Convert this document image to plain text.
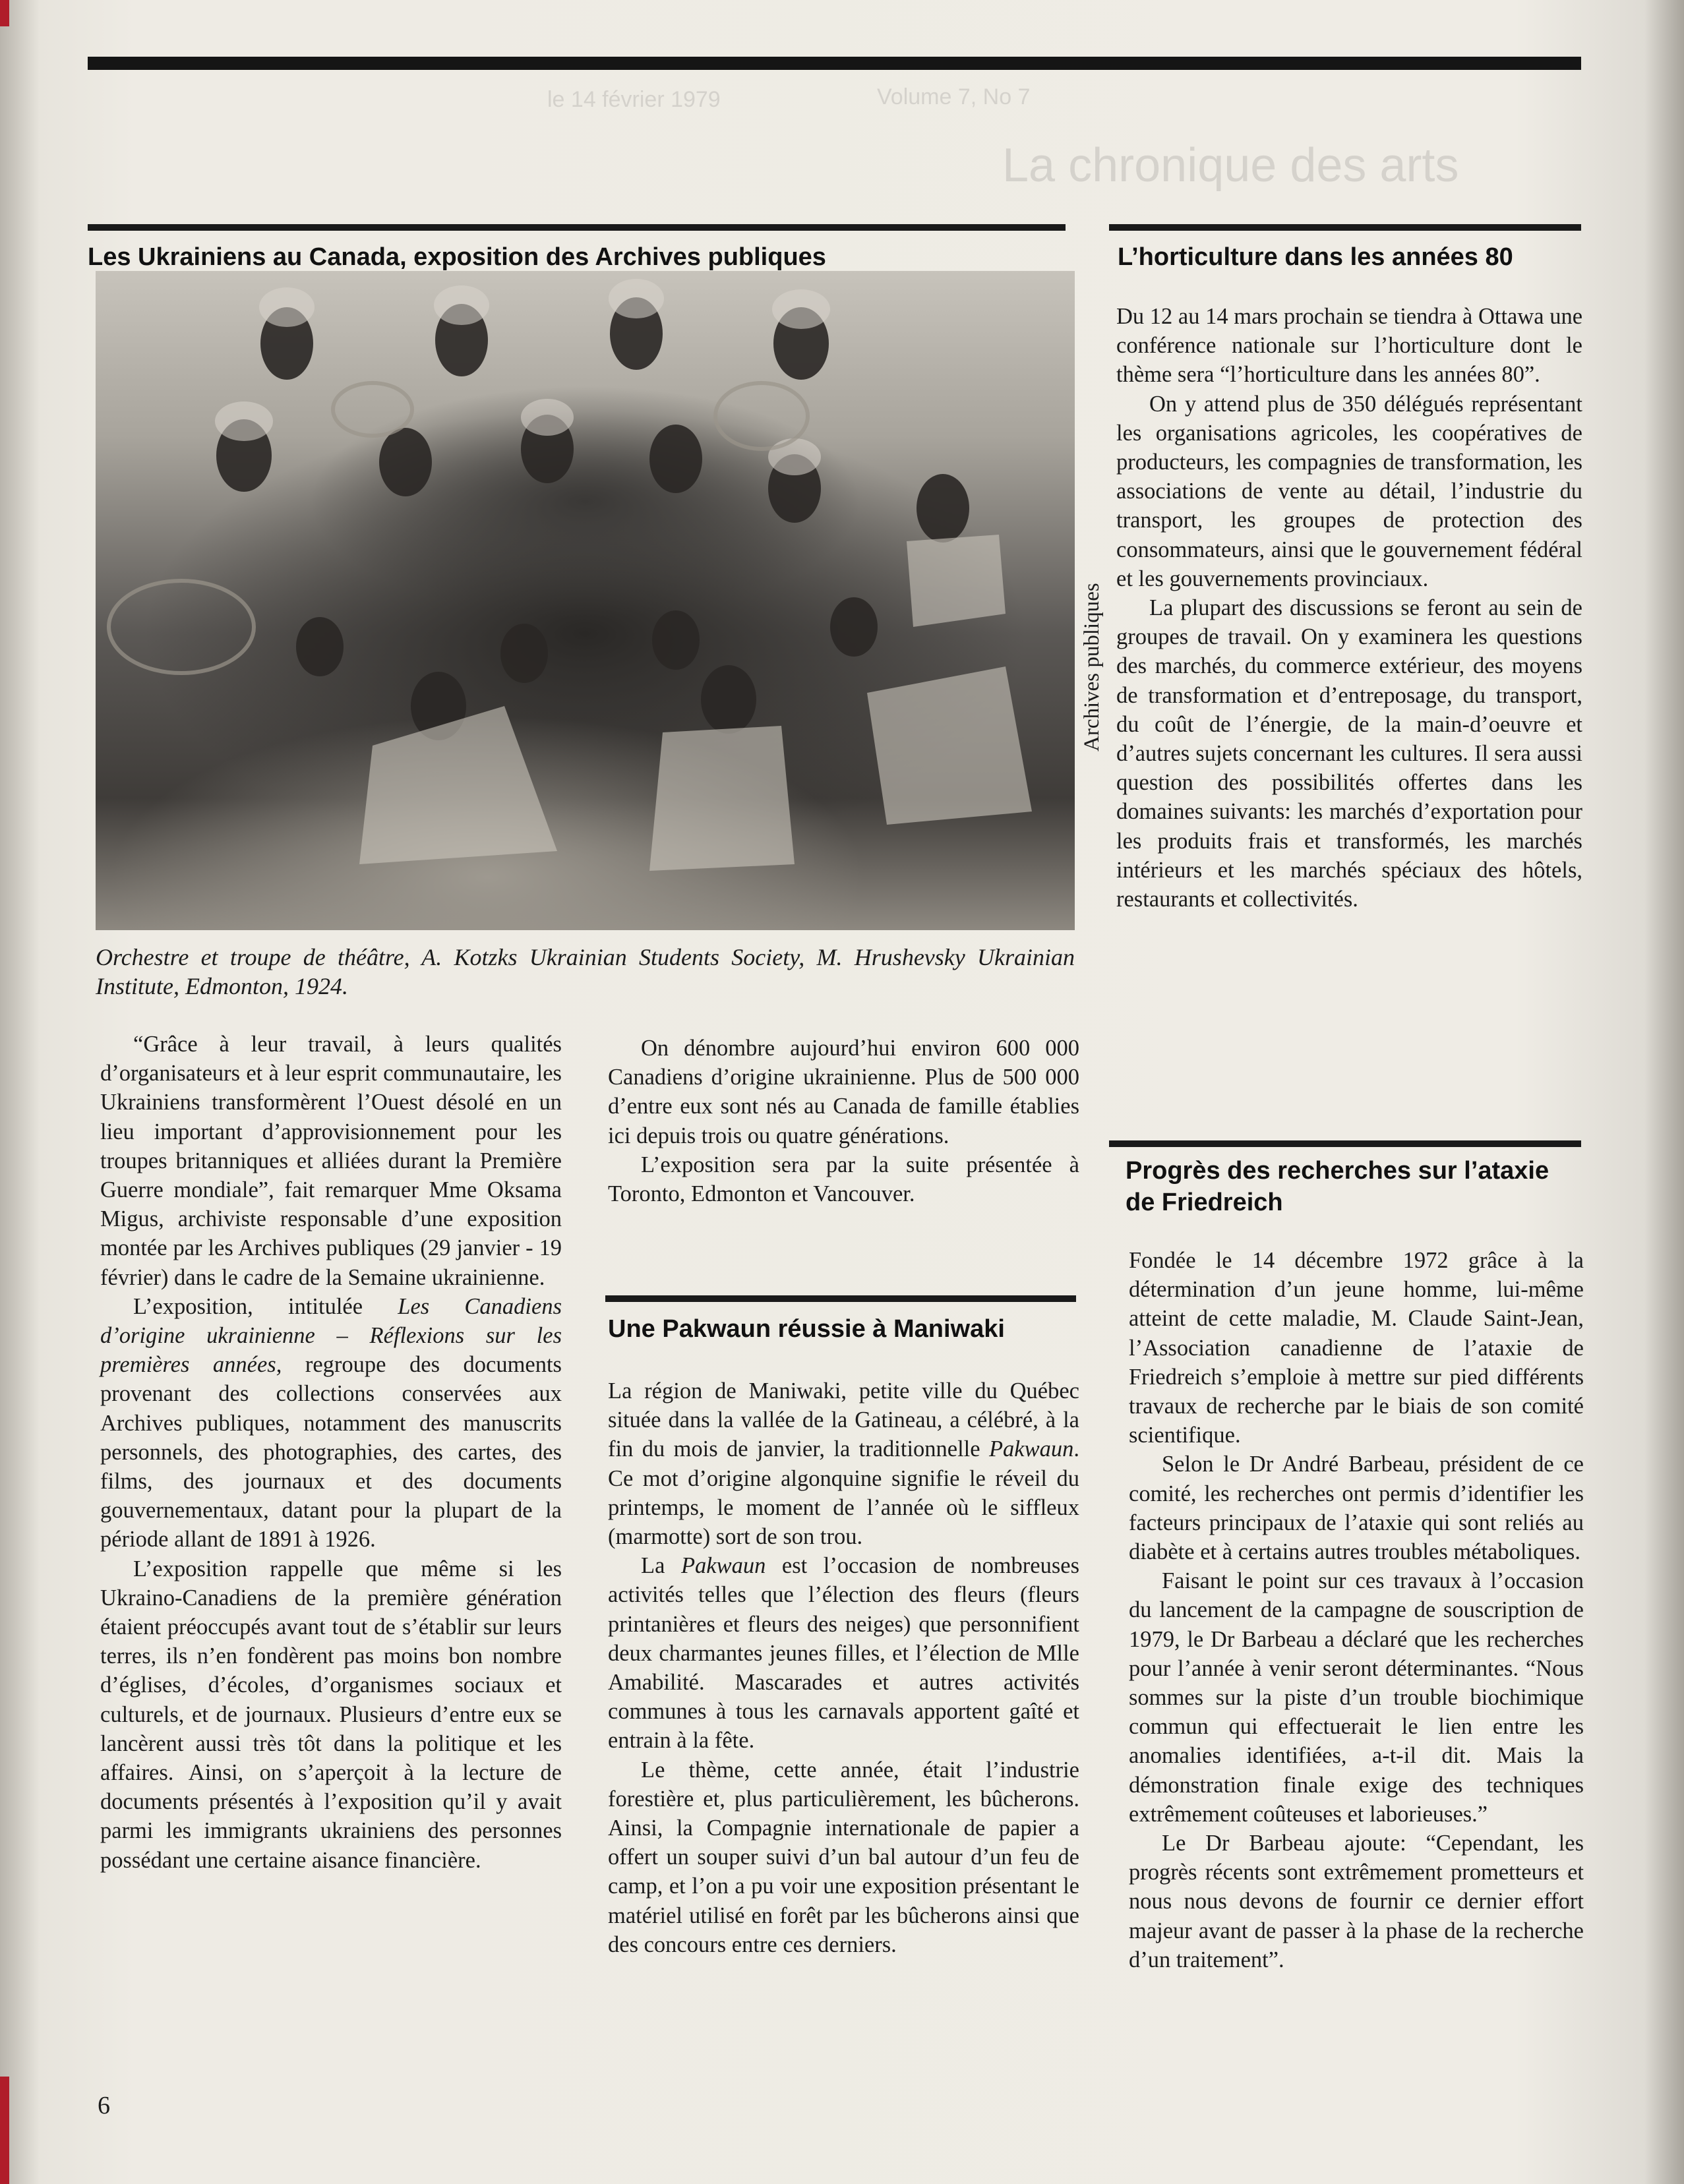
Volume 7, No 7
le 14 février 1979
La chronique des arts
Les Ukrainiens au Canada, exposition des Archives publiques
Archives publiques
Orchestre et troupe de théâtre, A. Kotzks Ukrainian Students Society, M. Hrushevsky Ukrainian Institute, Edmonton, 1924.

“Grâce à leur travail, à leurs qualités d’organisateurs et à leur esprit communautaire, les Ukrainiens transformèrent l’Ouest désolé en un lieu important d’approvisionnement pour les troupes britanniques et alliées durant la Première Guerre mondiale”, fait remarquer Mme Oksama Migus, archiviste responsable d’une exposition montée par les Archives publiques (29 janvier - 19 février) dans le cadre de la Semaine ukrainienne.

L’exposition, intitulée Les Canadiens d’origine ukrainienne – Réflexions sur les premières années, regroupe des documents provenant des collections conservées aux Archives publiques, notamment des manuscrits personnels, des photographies, des cartes, des films, des journaux et des documents gouvernementaux, datant pour la plupart de la période allant de 1891 à 1926.

L’exposition rappelle que même si les Ukraino-Canadiens de la première génération étaient préoccupés avant tout de s’établir sur leurs terres, ils n’en fondèrent pas moins bon nombre d’églises, d’écoles, d’organismes sociaux et culturels, et de journaux. Plusieurs d’entre eux se lancèrent aussi très tôt dans la politique et les affaires. Ainsi, on s’aperçoit à la lecture de documents présentés à l’exposition qu’il y avait parmi les immigrants ukrainiens des personnes possédant une certaine aisance financière.

On dénombre aujourd’hui environ 600 000 Canadiens d’origine ukrainienne. Plus de 500 000 d’entre eux sont nés au Canada de famille établies ici depuis trois ou quatre générations.

L’exposition sera par la suite présentée à Toronto, Edmonton et Vancouver.

Une Pakwaun réussie à Maniwaki

La région de Maniwaki, petite ville du Québec située dans la vallée de la Gatineau, a célébré, à la fin du mois de janvier, la traditionnelle Pakwaun. Ce mot d’origine algonquine signifie le réveil du printemps, le moment de l’année où le siffleux (marmotte) sort de son trou.

La Pakwaun est l’occasion de nombreuses activités telles que l’élection des fleurs (fleurs printanières et fleurs des neiges) que personnifient deux charmantes jeunes filles, et l’élection de Mlle Amabilité. Mascarades et autres activités communes à tous les carnavals apportent gaîté et entrain à la fête.

Le thème, cette année, était l’industrie forestière et, plus particulièrement, les bûcherons. Ainsi, la Compagnie internationale de papier a offert un souper suivi d’un bal autour d’un feu de camp, et l’on a pu voir une exposition présentant le matériel utilisé en forêt par les bûcherons ainsi que des concours entre ces derniers.

L’horticulture dans les années 80

Du 12 au 14 mars prochain se tiendra à Ottawa une conférence nationale sur l’horticulture dont le thème sera “l’horticulture dans les années 80”.

On y attend plus de 350 délégués représentant les organisations agricoles, les coopératives de producteurs, les compagnies de transformation, les associations de vente au détail, l’industrie du transport, les groupes de protection des consommateurs, ainsi que le gouvernement fédéral et les gouvernements provinciaux.

La plupart des discussions se feront au sein de groupes de travail. On y examinera les questions des marchés, du commerce extérieur, des moyens de transformation et d’entreposage, du transport, du coût de l’énergie, de la main-d’oeuvre et d’autres sujets concernant les cultures. Il sera aussi question des possibilités offertes dans les domaines suivants: les marchés d’exportation pour les produits frais et transformés, les marchés intérieurs et les marchés spéciaux des hôtels, restaurants et collectivités.

Progrès des recherches sur l’ataxie de Friedreich

Fondée le 14 décembre 1972 grâce à la détermination d’un jeune homme, lui-même atteint de cette maladie, M. Claude Saint-Jean, l’Association canadienne de l’ataxie de Friedreich s’emploie à mettre sur pied différents travaux de recherche par le biais de son comité scientifique.

Selon le Dr André Barbeau, président de ce comité, les recherches ont permis d’identifier les facteurs principaux de l’ataxie qui sont reliés au diabète et à certains autres troubles métaboliques.

Faisant le point sur ces travaux à l’occasion du lancement de la campagne de souscription de 1979, le Dr Barbeau a déclaré que les recherches pour l’année à venir seront déterminantes. “Nous sommes sur la piste d’un trouble biochimique commun qui effectuerait le lien entre les anomalies identifiées, a-t-il dit. Mais la démonstration finale exige des techniques extrêmement coûteuses et laborieuses.”

Le Dr Barbeau ajoute: “Cependant, les progrès récents sont extrêmement prometteurs et nous nous devons de fournir ce dernier effort majeur avant de passer à la phase de la recherche d’un traitement”.

6
